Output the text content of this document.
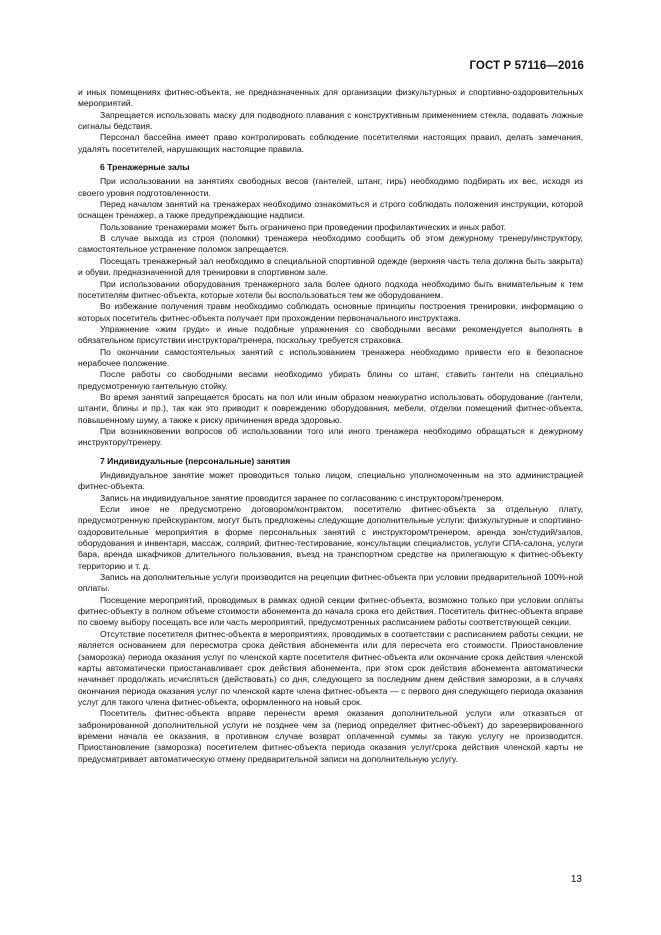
ГОСТ Р 57116—2016

и иных помещениях фитнес-объекта, не предназначенных для организации физкультурных и спортивно-оздоровительных мероприятий.

Запрещается использовать маску для подводного плавания с конструктивным применением стекла, подавать ложные сигналы бедствия.

Персонал бассейна имеет право контролировать соблюдение посетителями настоящих правил, делать замечания, удалять посетителей, нарушающих настоящие правила.

6 Тренажерные залы

При использовании на занятиях свободных весов (гантелей, штанг, гирь) необходимо подбирать их вес, исходя из своего уровня подготовленности.

Перед началом занятий на тренажерах необходимо ознакомиться и строго соблюдать положения инструкции, которой оснащен тренажер, а также предупреждающие надписи.

Пользование тренажерами может быть ограничено при проведении профилактических и иных работ.

В случае выхода из строя (поломки) тренажера необходимо сообщить об этом дежурному тренеру/инструктору, самостоятельное устранение поломок запрещается.

Посещать тренажерный зал необходимо в специальной спортивной одежде (верхняя часть тела должна быть закрыта) и обуви, предназначенной для тренировки в спортивном зале.

При использовании оборудования тренажерного зала более одного подхода необходимо быть внимательным к тем посетителям фитнес-объекта, которые хотели бы воспользоваться тем же оборудованием.

Во избежание получения травм необходимо соблюдать основные принципы построения тренировки, информацию о которых посетитель фитнес-объекта получает при прохождении первоначального инструктажа.

Упражнение «жим груди» и иные подобные упражнения со свободными весами рекомендуется выполнять в обязательном присутствии инструктора/тренера, поскольку требуется страховка.

По окончании самостоятельных занятий с использованием тренажера необходимо привести его в безопасное нерабочее положение.

После работы со свободными весами необходимо убирать блины со штанг, ставить гантели на специально предусмотренную гантельную стойку.

Во время занятий запрещается бросать на пол или иным образом неаккуратно использовать оборудование (гантели, штанги, блины и пр.), так как это приводит к повреждению оборудования, мебели, отделки помещений фитнес-объекта, повышенному шуму, а также к риску причинения вреда здоровью.

При возникновении вопросов об использовании того или иного тренажера необходимо обращаться к дежурному инструктору/тренеру.

7 Индивидуальные (персональные) занятия

Индивидуальное занятие может проводиться только лицом, специально уполномоченным на это администрацией фитнес-объекта.

Запись на индивидуальное занятие проводится заранее по согласованию с инструктором/тренером.

Если иное не предусмотрено договором/контрактом, посетителю фитнес-объекта за отдельную плату, предусмотренную прейскурантом, могут быть предложены следующие дополнительные услуги: физкультурные и спортивно-оздоровительные мероприятия в форме персональных занятий с инструктором/тренером, аренда зон/студий/залов, оборудования и инвентаря, массаж, солярий, фитнес-тестирование, консультации специалистов, услуги СПА-салона, услуги бара, аренда шкафчиков длительного пользования, въезд на транспортном средстве на прилегающую к фитнес-объекту территорию и т. д.

Запись на дополнительные услуги производится на рецепции фитнес-объекта при условии предварительной 100%-ной оплаты.

Посещение мероприятий, проводимых в рамках одной секции фитнес-объекта, возможно только при условии оплаты фитнес-объекту в полном объеме стоимости абонемента до начала срока его действия. Посетитель фитнес-объекта вправе по своему выбору посещать все или часть мероприятий, предусмотренных расписанием работы соответствующей секции.

Отсутствие посетителя фитнес-объекта в мероприятиях, проводимых в соответствии с расписанием работы секции, не является основанием для пересмотра срока действия абонемента или для пересчета его стоимости. Приостановление (заморозка) периода оказания услуг по членской карте посетителя фитнес-объекта или окончание срока действия членской карты автоматически приостанавливает срок действия абонемента, при этом срок действия абонемента автоматически начинает продолжать исчисляться (действовать) со дня, следующего за последним днем действия заморозки, а в случаях окончания периода оказания услуг по членской карте члена фитнес-объекта — с первого дня следующего периода оказания услуг для такого члена фитнес-объекта, оформленного на новый срок.

Посетитель фитнес-объекта вправе перенести время оказания дополнительной услуги или отказаться от забронированной дополнительной услуги не позднее чем за (период определяет фитнес-объект) до зарезервированного времени начала ее оказания, в противном случае возврат оплаченной суммы за такую услугу не производится. Приостановление (заморозка) посетителем фитнес-объекта периода оказания услуг/срока действия членской карты не предусматривает автоматическую отмену предварительной записи на дополнительную услугу.

13
